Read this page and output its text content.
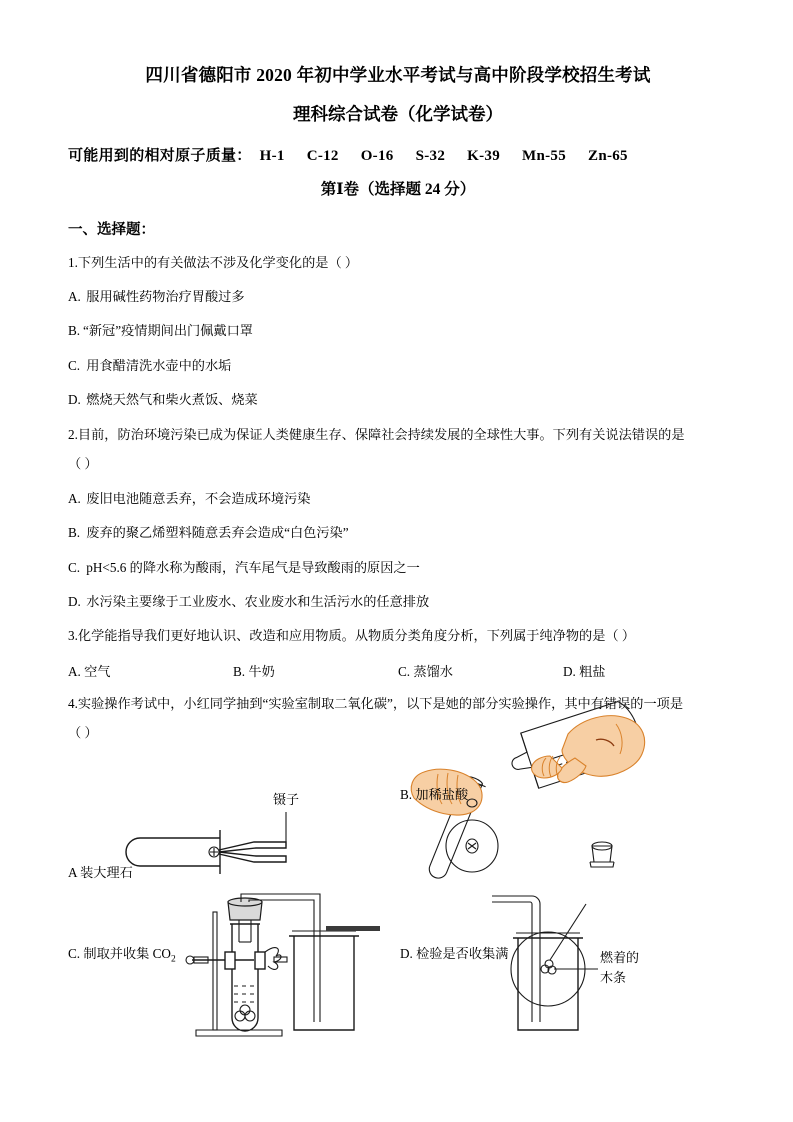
四川省德阳市 2020 年初中学业水平考试与高中阶段学校招生考试
理科综合试卷（化学试卷）
可能用到的相对原子质量： H-1 C-12 O-16 S-32 K-39 Mn-55 Zn-65
第Ⅰ卷（选择题 24 分）
一、选择题：
1.下列生活中的有关做法不涉及化学变化的是（ ）
A. 服用碱性药物治疗胃酸过多
B. “新冠”疫情期间出门佩戴口罩
C. 用食醋清洗水壶中的水垢
D. 燃烧天然气和柴火煮饭、烧菜
2.目前，防治环境污染已成为保证人类健康生存、保障社会持续发展的全球性大事。下列有关说法错误的是
（ ）
A. 废旧电池随意丢弃，不会造成环境污染
B. 废弃的聚乙烯塑料随意丢弃会造成“白色污染”
C. pH<5.6 的降水称为酸雨，汽车尾气是导致酸雨的原因之一
D. 水污染主要缘于工业废水、农业废水和生活污水的任意排放
3.化学能指导我们更好地认识、改造和应用物质。从物质分类角度分析，下列属于纯净物的是（ ）
A. 空气	B. 牛奶	C. 蒸馏水	D. 粗盐
4.实验操作考试中，小红同学抽到“实验室制取二氧化碳”，以下是她的部分实验操作，其中有错误的一项是
（ ）
A 装大理石
镊子	B. 加稀盐酸
C. 制取并收集 $CO_2$	D. 检验是否收集满	燃着的
木条
